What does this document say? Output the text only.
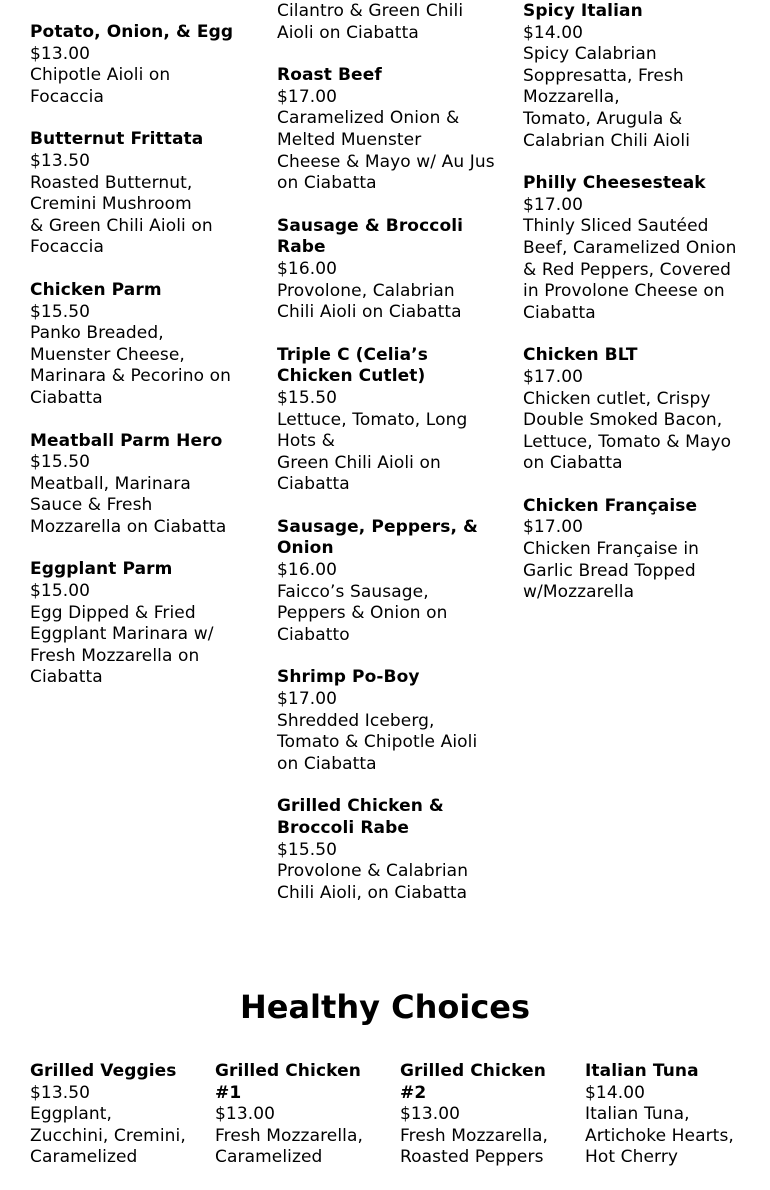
Potato, Onion, & Egg
$13.00
Chipotle Aioli on
Focaccia
Butternut Frittata
$13.50
Roasted Butternut,
Cremini Mushroom
& Green Chili Aioli on
Focaccia
Chicken Parm
$15.50
Panko Breaded,
Muenster Cheese,
Marinara & Pecorino on
Ciabatta
Meatball Parm Hero
$15.50
Meatball, Marinara
Sauce & Fresh
Mozzarella on Ciabatta
Eggplant Parm
$15.00
Egg Dipped & Fried
Eggplant Marinara w/
Fresh Mozzarella on
Ciabatta
Cilantro & Green Chili
Aioli on Ciabatta
Roast Beef
$17.00
Caramelized Onion &
Melted Muenster
Cheese & Mayo w/ Au Jus
on Ciabatta
Sausage & Broccoli Rabe
$16.00
Provolone, Calabrian
Chili Aioli on Ciabatta
Triple C (Celia’s Chicken Cutlet)
$15.50
Lettuce, Tomato, Long
Hots &
Green Chili Aioli on
Ciabatta
Sausage, Peppers, & Onion
$16.00
Faicco’s Sausage,
Peppers & Onion on
Ciabatto
Shrimp Po-Boy
$17.00
Shredded Iceberg,
Tomato & Chipotle Aioli
on Ciabatta
Grilled Chicken & Broccoli Rabe
$15.50
Provolone & Calabrian
Chili Aioli, on Ciabatta
Spicy Italian
$14.00
Spicy Calabrian
Soppresatta, Fresh
Mozzarella,
Tomato, Arugula &
Calabrian Chili Aioli
Philly Cheesesteak
$17.00
Thinly Sliced Sautéed
Beef, Caramelized Onion
& Red Peppers, Covered
in Provolone Cheese on
Ciabatta
Chicken BLT
$17.00
Chicken cutlet, Crispy
Double Smoked Bacon,
Lettuce, Tomato & Mayo
on Ciabatta
Chicken Française
$17.00
Chicken Française in
Garlic Bread Topped
w/Mozzarella
Healthy Choices
Grilled Veggies
$13.50
Eggplant,
Zucchini, Cremini,
Caramelized
Grilled Chicken #1
$13.00
Fresh Mozzarella,
Caramelized
Grilled Chicken #2
$13.00
Fresh Mozzarella,
Roasted Peppers
Italian Tuna
$14.00
Italian Tuna,
Artichoke Hearts,
Hot Cherry
